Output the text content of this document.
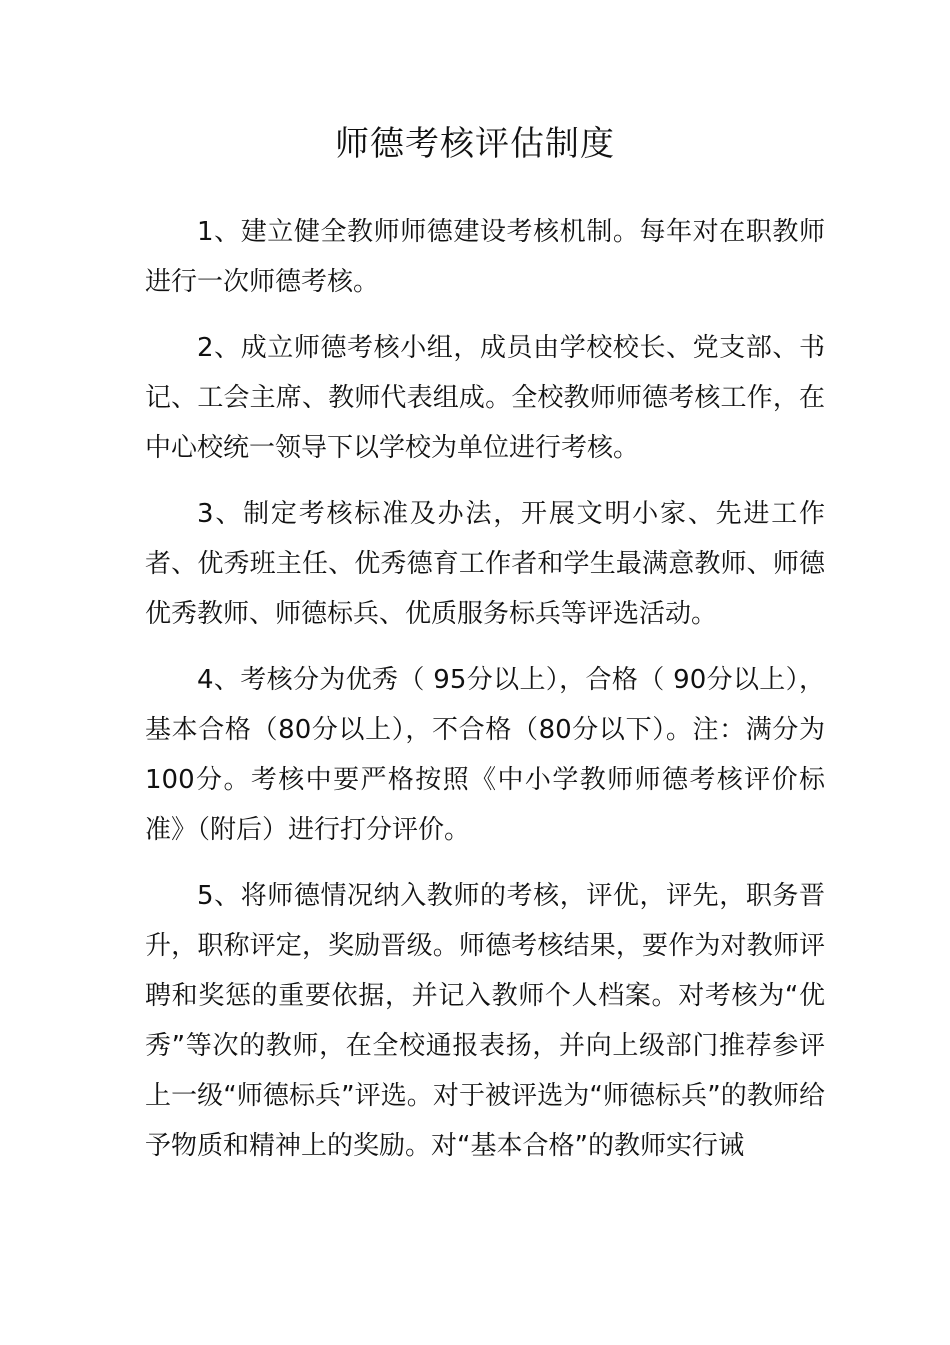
师德考核评估制度

1、建立健全教师师德建设考核机制。每年对在职教师进行一次师德考核。

2、成立师德考核小组，成员由学校校长、党支部、书记、工会主席、教师代表组成。全校教师师德考核工作，在中心校统一领导下以学校为单位进行考核。

3、制定考核标准及办法，开展文明小家、先进工作者、优秀班主任、优秀德育工作者和学生最满意教师、师德优秀教师、师德标兵、优质服务标兵等评选活动。

4、考核分为优秀（ 95分以上），合格（ 90分以上），基本合格（80分以上），不合格（80分以下）。注：满分为100分。考核中要严格按照《中小学教师师德考核评价标准》（附后）进行打分评价。

5、将师德情况纳入教师的考核，评优，评先，职务晋升，职称评定，奖励晋级。师德考核结果，要作为对教师评聘和奖惩的重要依据，并记入教师个人档案。对考核为“优秀”等次的教师，在全校通报表扬，并向上级部门推荐参评上一级“师德标兵”评选。对于被评选为“师德标兵”的教师给予物质和精神上的奖励。对“基本合格”的教师实行诫
